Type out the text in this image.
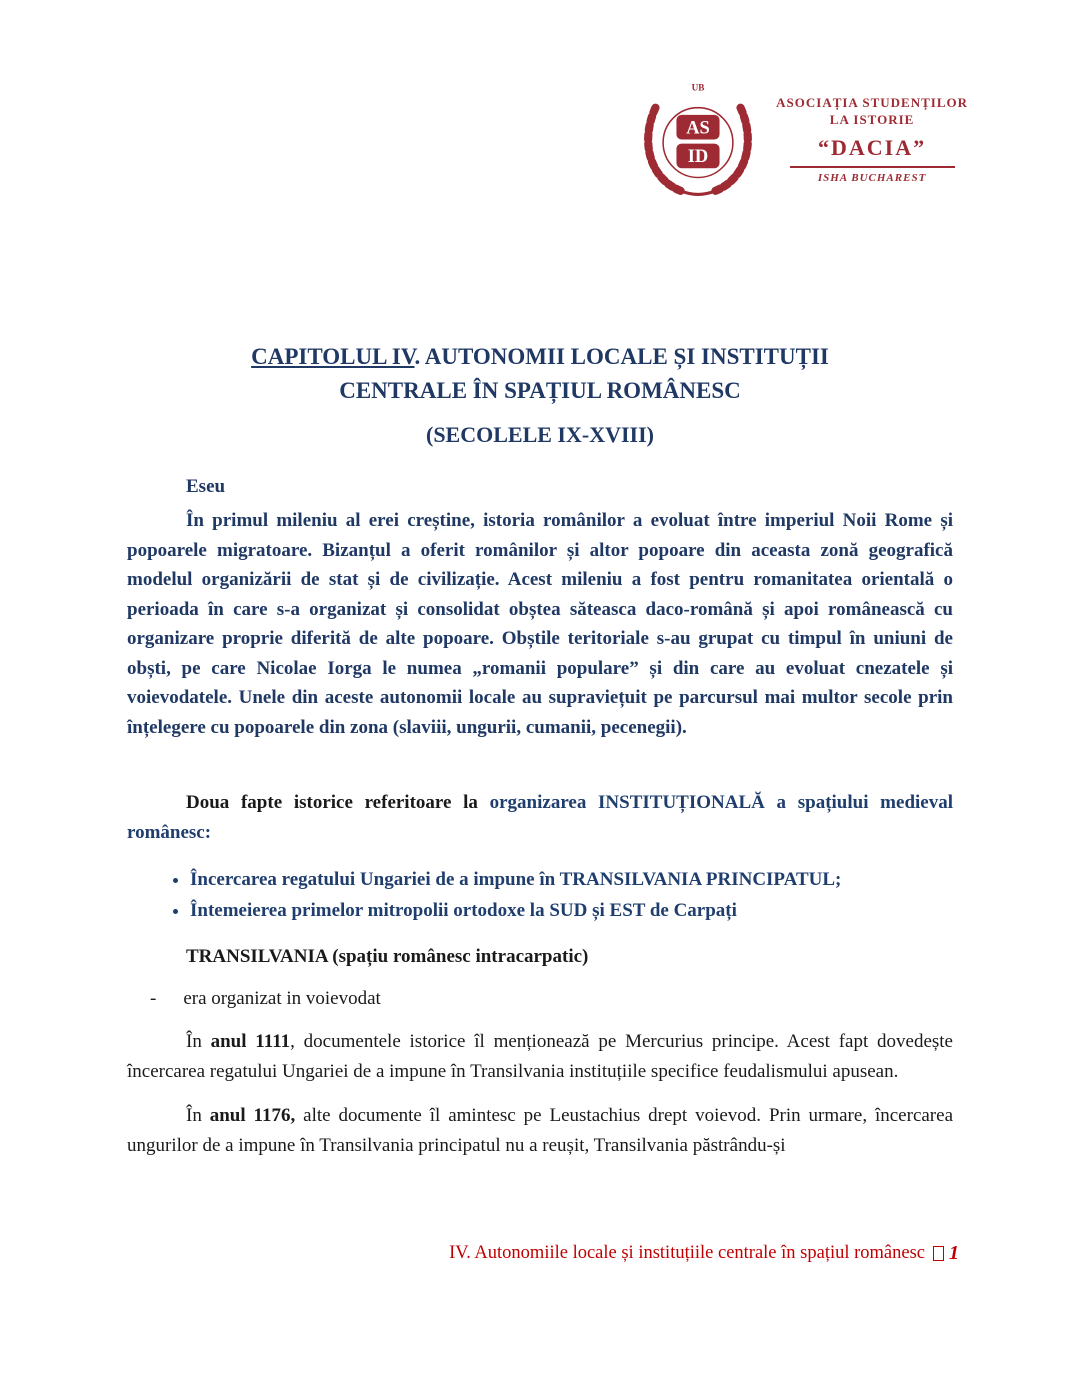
UB
AS
ID
ASOCIAȚIA STUDENȚILOR
LA ISTORIE
“DACIA”
ISHA BUCHAREST
CAPITOLUL IV. AUTONOMII LOCALE ȘI INSTITUȚII
CENTRALE ÎN SPAȚIUL ROMÂNESC
(SECOLELE IX-XVIII)

Eseu

În primul mileniu al erei creștine, istoria românilor a evoluat între imperiul Noii Rome și popoarele migratoare. Bizanțul a oferit românilor și altor popoare din aceasta zonă geografică modelul organizării de stat și de civilizație. Acest mileniu a fost pentru romanitatea orientală o perioada în care s-a organizat și consolidat obștea săteasca daco-română și apoi românească cu organizare proprie diferită de alte popoare. Obștile teritoriale s-au grupat cu timpul în uniuni de obști, pe care Nicolae Iorga le numea „romanii populare” și din care au evoluat cnezatele și voievodatele. Unele din aceste autonomii locale au supraviețuit pe parcursul mai multor secole prin înțelegere cu popoarele din zona (slaviii, ungurii, cumanii, pecenegii).

Doua fapte istorice referitoare la organizarea INSTITUȚIONALĂ a spațiului medieval românesc:

• Încercarea regatului Ungariei de a impune în TRANSILVANIA PRINCIPATUL;
• Întemeierea primelor mitropolii ortodoxe la SUD și EST de Carpați

TRANSILVANIA (spațiu românesc intracarpatic)

- era organizat in voievodat

În anul 1111, documentele istorice îl menționează pe Mercurius principe. Acest fapt dovedește încercarea regatului Ungariei de a impune în Transilvania instituțiile specifice feudalismului apusean.

În anul 1176, alte documente îl amintesc pe Leustachius drept voievod. Prin urmare, încercarea ungurilor de a impune în Transilvania principatul nu a reușit, Transilvania păstrându-și

IV. Autonomiile locale și instituțiile centrale în spațiul românesc 1
